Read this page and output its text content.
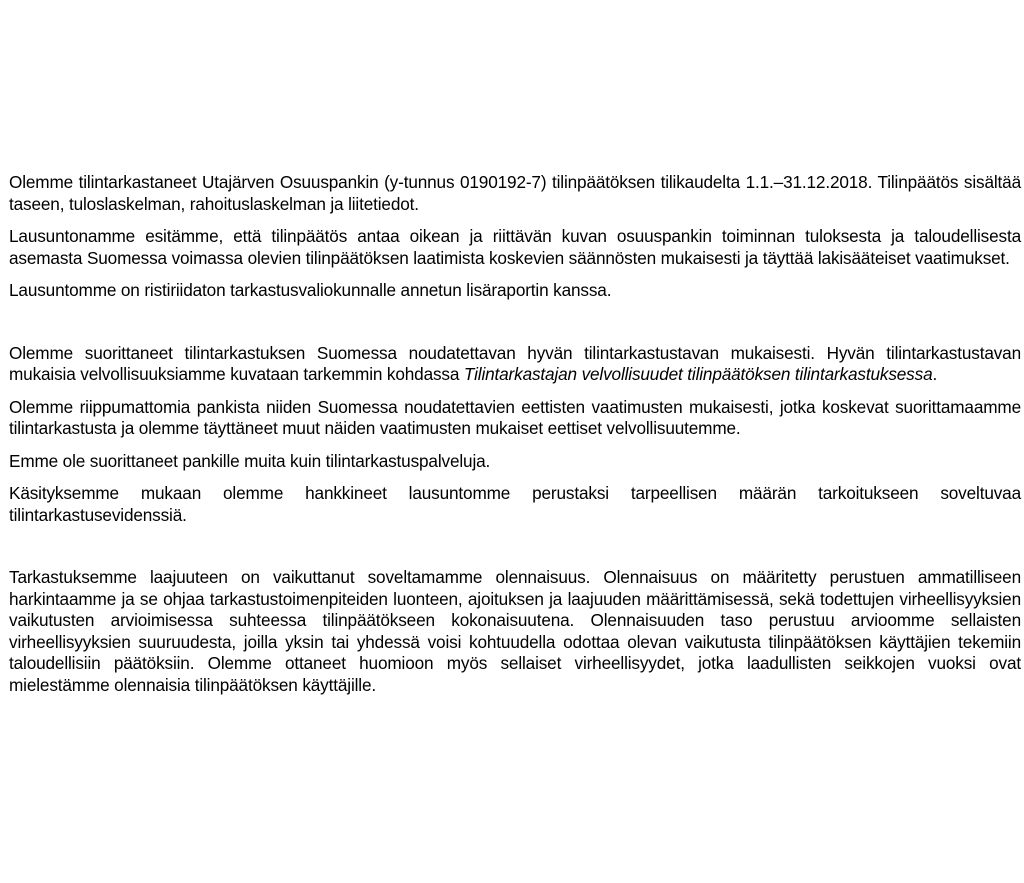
Olemme tilintarkastaneet Utajärven Osuuspankin (y-tunnus 0190192-7) tilinpäätöksen tilikaudelta 1.1.–31.12.2018. Tilinpäätös sisältää taseen, tuloslaskelman, rahoituslaskelman ja liitetiedot.

Lausuntonamme esitämme, että tilinpäätös antaa oikean ja riittävän kuvan osuuspankin toiminnan tuloksesta ja taloudellisesta asemasta Suomessa voimassa olevien tilinpäätöksen laatimista koskevien säännösten mukaisesti ja täyttää lakisääteiset vaatimukset.

Lausuntomme on ristiriidaton tarkastusvaliokunnalle annetun lisäraportin kanssa.

Olemme suorittaneet tilintarkastuksen Suomessa noudatettavan hyvän tilintarkastustavan mukaisesti. Hyvän tilintarkastustavan mukaisia velvollisuuksiamme kuvataan tarkemmin kohdassa Tilintarkastajan velvollisuudet tilinpäätöksen tilintarkastuksessa.

Olemme riippumattomia pankista niiden Suomessa noudatettavien eettisten vaatimusten mukaisesti, jotka koskevat suorittamaamme tilintarkastusta ja olemme täyttäneet muut näiden vaatimusten mukaiset eettiset velvollisuutemme.

Emme ole suorittaneet pankille muita kuin tilintarkastuspalveluja.

Käsityksemme mukaan olemme hankkineet lausuntomme perustaksi tarpeellisen määrän tarkoitukseen soveltuvaa tilintarkastusevidenssiä.

Tarkastuksemme laajuuteen on vaikuttanut soveltamamme olennaisuus. Olennaisuus on määritetty perustuen ammatilliseen harkintaamme ja se ohjaa tarkastustoimenpiteiden luonteen, ajoituksen ja laajuuden määrittämisessä, sekä todettujen virheellisyyksien vaikutusten arvioimisessa suhteessa tilinpäätökseen kokonaisuutena. Olennaisuuden taso perustuu arvioomme sellaisten virheellisyyksien suuruudesta, joilla yksin tai yhdessä voisi kohtuudella odottaa olevan vaikutusta tilinpäätöksen käyttäjien tekemiin taloudellisiin päätöksiin. Olemme ottaneet huomioon myös sellaiset virheellisyydet, jotka laadullisten seikkojen vuoksi ovat mielestämme olennaisia tilinpäätöksen käyttäjille.
